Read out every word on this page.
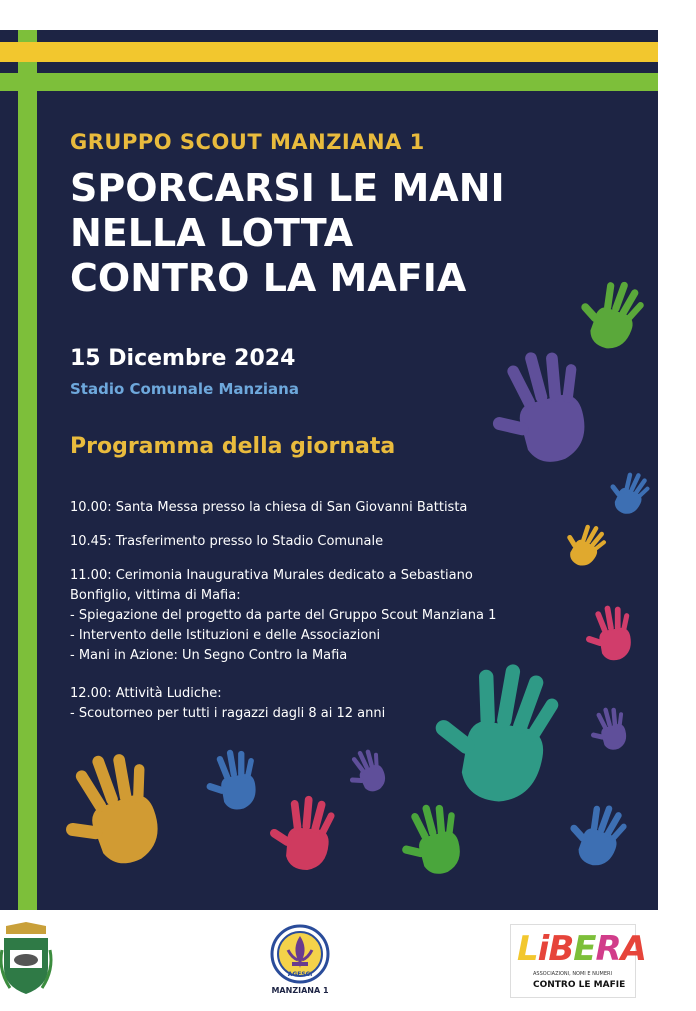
GRUPPO SCOUT MANZIANA 1
SPORCARSI LE MANI
NELLA LOTTA
CONTRO LA MAFIA
15 Dicembre 2024
Stadio Comunale Manziana
Programma della giornata
10.00: Santa Messa presso la chiesa di San Giovanni Battista
10.45: Trasferimento presso lo Stadio Comunale
11.00: Cerimonia Inaugurativa Murales dedicato a Sebastiano
Bonfiglio, vittima di Mafia:
- Spiegazione del progetto da parte del Gruppo Scout Manziana 1
- Intervento delle Istituzioni e delle Associazioni
- Mani in Azione: Un Segno Contro la Mafia
12.00: Attività Ludiche:
- Scoutorneo per tutti i ragazzi dagli 8 ai 12 anni
AGESCI
MANZIANA 1
LiBERA
ASSOCIAZIONI, NOMI E NUMERI
CONTRO LE MAFIE
